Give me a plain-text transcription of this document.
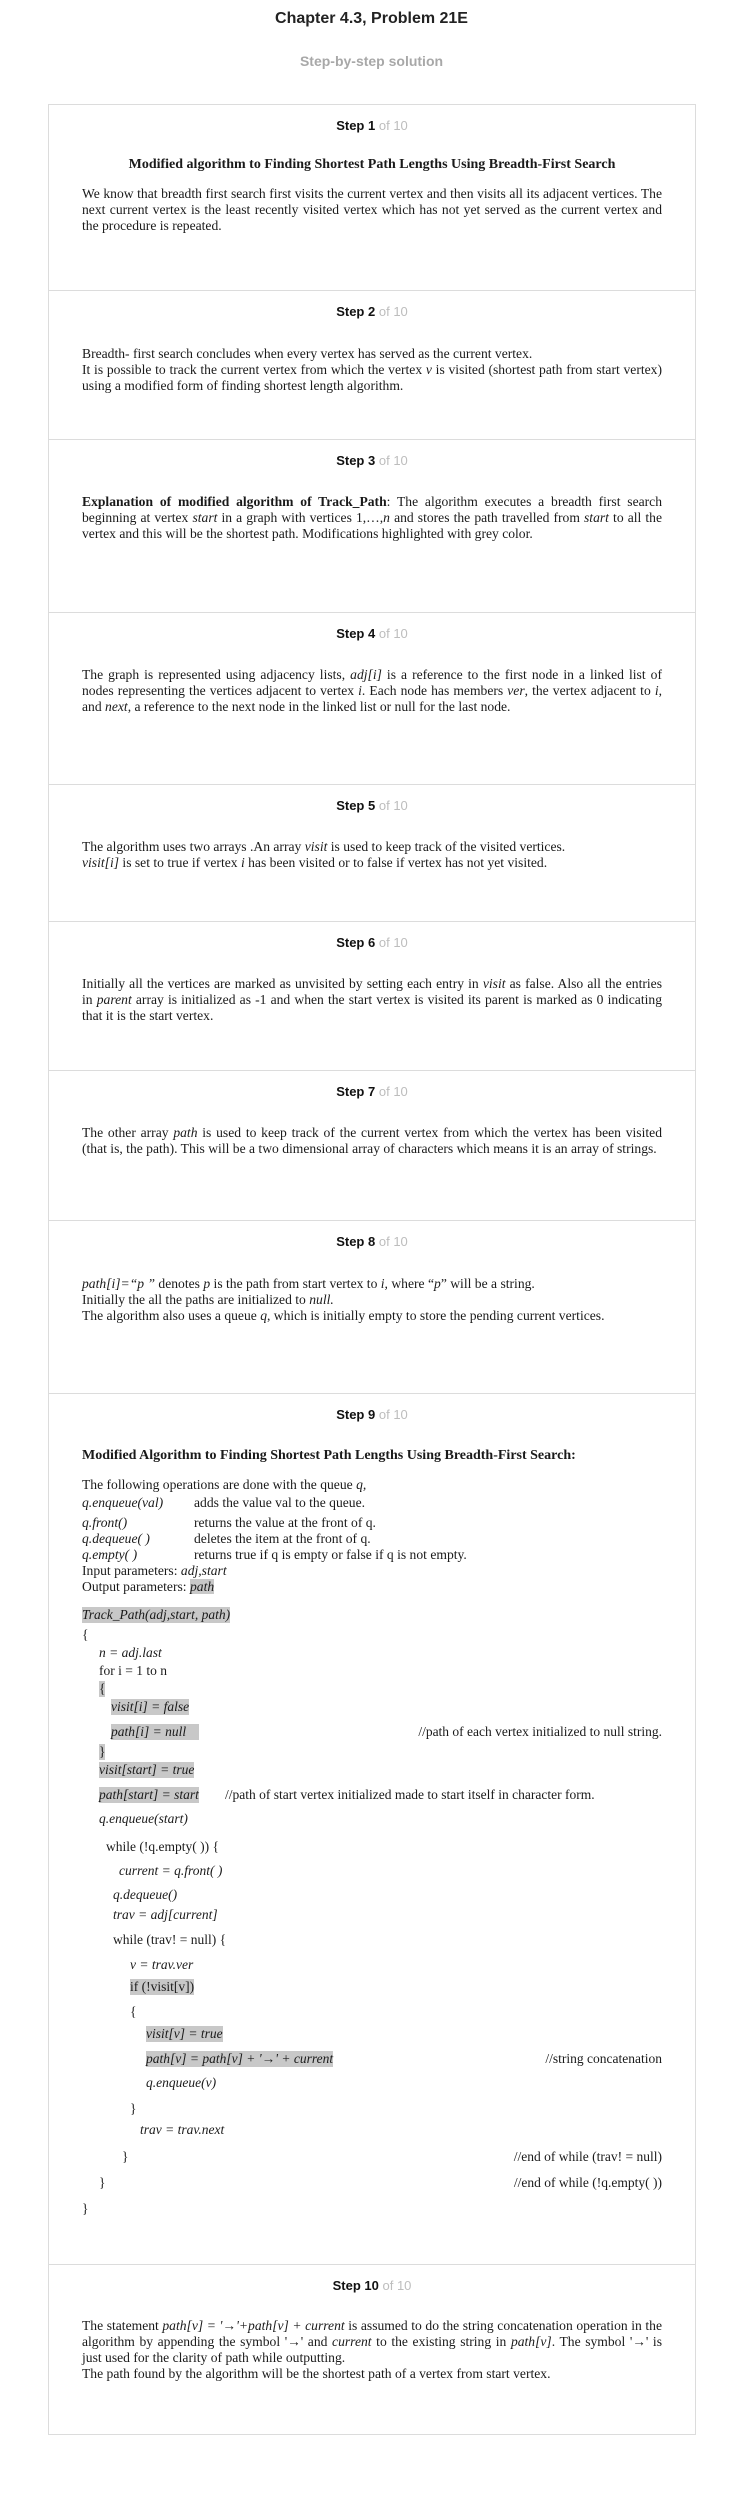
Chapter 4.3, Problem 21E
Step-by-step solution
Step 1 of 10
Modified algorithm to Finding Shortest Path Lengths Using Breadth-First Search
We know that breadth first search first visits the current vertex and then visits all its adjacent vertices. The next current vertex is the least recently visited vertex which has not yet served as the current vertex and the procedure is repeated.
Step 2 of 10
Breadth- first search concludes when every vertex has served as the current vertex.
It is possible to track the current vertex from which the vertex v is visited (shortest path from start vertex) using a modified form of finding shortest length algorithm.
Step 3 of 10
Explanation of modified algorithm of Track_Path: The algorithm executes a breadth first search beginning at vertex start in a graph with vertices 1,…,n and stores the path travelled from start to all the vertex and this will be the shortest path. Modifications highlighted with grey color.
Step 4 of 10
The graph is represented using adjacency lists, adj[i] is a reference to the first node in a linked list of nodes representing the vertices adjacent to vertex i. Each node has members ver, the vertex adjacent to i, and next, a reference to the next node in the linked list or null for the last node.
Step 5 of 10
The algorithm uses two arrays .An array visit is used to keep track of the visited vertices.
visit[i] is set to true if vertex i has been visited or to false if vertex has not yet visited.
Step 6 of 10
Initially all the vertices are marked as unvisited by setting each entry in visit as false. Also all the entries in parent array is initialized as -1 and when the start vertex is visited its parent is marked as 0 indicating that it is the start vertex.
Step 7 of 10
The other array path is used to keep track of the current vertex from which the vertex has been visited (that is, the path). This will be a two dimensional array of characters which means it is an array of strings.
Step 8 of 10
path[i]=“p ” denotes p is the path from start vertex to i, where “p” will be a string.
Initially the all the paths are initialized to null.
The algorithm also uses a queue q, which is initially empty to store the pending current vertices.
Step 9 of 10
Modified Algorithm to Finding Shortest Path Lengths Using Breadth-First Search:
The following operations are done with the queue q,
q.enqueue(val) adds the value val to the queue.
q.front()	returns the value at the front of q.
q.dequeue( )	deletes the item at the front of q.
q.empty( )	returns true if q is empty or false if q is not empty.
Input parameters: adj,start
Output parameters: path
Track_Path(adj,start, path)
{
n = adj.last
for i = 1 to n
{
visit[i] = false
path[i] = null	//path of each vertex initialized to null string.
}
visit[start] = true
path[start] = start //path of start vertex initialized made to start itself in character form.
q.enqueue(start)
while (!q.empty( )) {
current = q.front( )
q.dequeue()
trav = adj[current]
while (trav! = null) {
v = trav.ver
if (!visit[v])
{
visit[v] = true
path[v] = path[v] + '→' + current	//string concatenation
q.enqueue(v)
}
trav = trav.next
}	//end of while (trav! = null)
}	//end of while (!q.empty( ))
}
Step 10 of 10
The statement path[v] = '→'+path[v] + current is assumed to do the string concatenation operation in the algorithm by appending the symbol '→' and current to the existing string in path[v]. The symbol '→' is just used for the clarity of path while outputting.
The path found by the algorithm will be the shortest path of a vertex from start vertex.
